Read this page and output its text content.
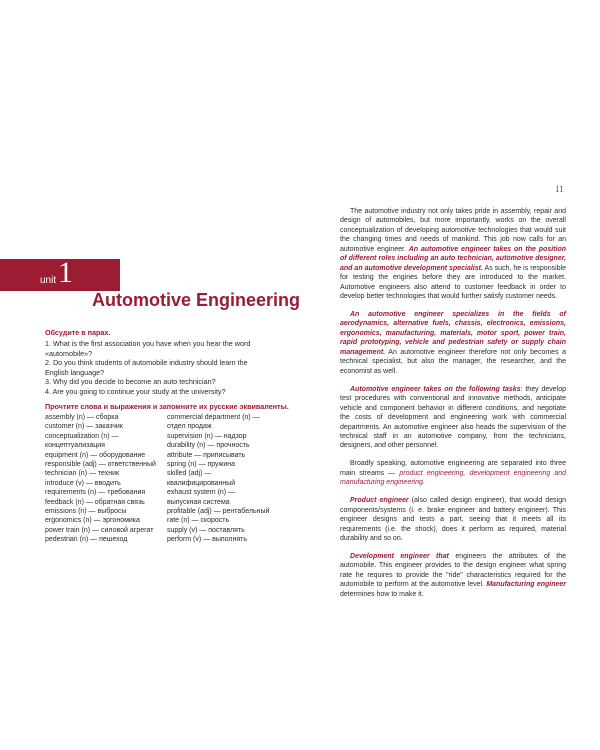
unit 1
Automotive Engineering

Обсудите в парах.

1. What is the first association you have when you hear the word «automobile»?
2. Do you think students of automobile industry should learn the English language?
3. Why did you decide to become an auto technician?
4. Are you going to continue your study at the university?

Прочтите слова и выражения и запомните их русские эквиваленты.

assembly (n) — сборка
customer (n) — заказчик
conceptualization (n) —
концептуализация
equipment (n) — оборудование
responsible (adj) — ответственный
technician (n) — техник
introduce (v) — вводить
requirements (n) — требования
feedback (n) — обратная связь
emissions (n) — выбросы
ergonomics (n) — эргономика
power train (n) — силовой агрегат
pedestrian (n) — пешеход
commercial department (n) —
отдел продаж
supervision (n) — надзор
durability (n) — прочность
attribute — приписывать
spring (n) — пружина
skilled (adj) —
квалифицированный
exhaust system (n) —
выпускная система
profitable (adj) — рентабельный
rate (n) — скорость
supply (v) — поставлять
perform (v) — выполнять
11

The automotive industry not only takes pride in assembly, repair and design of automobiles, but more importantly, works on the overall conceptualization of developing automotive technologies that would suit the changing times and needs of mankind. This job now calls for an automotive engineer. An automotive engineer takes on the position of different roles including an auto technician, automotive designer, and an automotive development specialist. As such, he is responsible for testing the engines before they are introduced to the market. Automotive engineers also attend to customer feedback in order to develop better technologies that would further satisfy customer needs.

An automotive engineer specializes in the fields of aerodynamics, alternative fuels, chassis, electronics, emissions, ergonomics, manufacturing, materials, motor sport, power train, rapid prototyping, vehicle and pedestrian safety or supply chain management. An automotive engineer therefore not only becomes a technical specialist, but also the manager, the researcher, and the economist as well.

Automotive engineer takes on the following tasks: they develop test procedures with conventional and innovative methods, anticipate vehicle and component behavior in different conditions, and negotiate the costs of development and engineering work with commercial departments. An automotive engineer also heads the supervision of the technical staff in an automotive company, from the technicians, designers, and other personnel.

Broadly speaking, automotive engineering are separated into three main streams — product engineering, development engineering and manufacturing engineering.

Product engineer (also called design engineer), that would design components/systems (i. e. brake engineer and battery engineer). This engineer designs and tests a part, seeing that it meets all its requirements (i.e. the shock), does it perform as required, material durability and so on.

Development engineer that engineers the attributes of the automobile. This engineer provides to the design engineer what spring rate he requires to provide the "ride" characteristics required for the automobile to perform at the automotive level. Manufacturing engineer determines how to make it.
